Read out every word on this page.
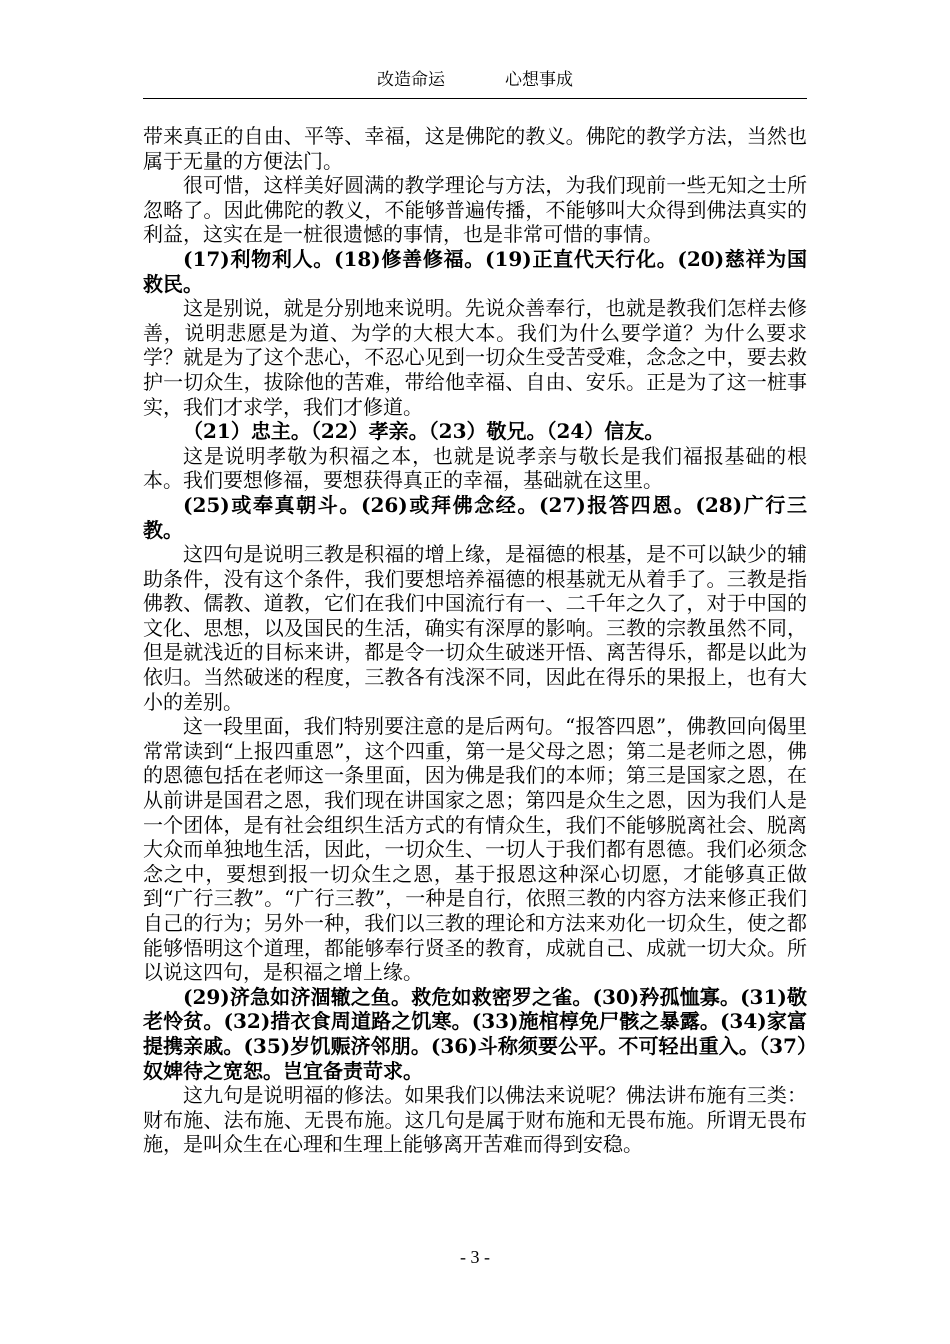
改造命运	心想事成

带来真正的自由、平等、幸福，这是佛陀的教义。佛陀的教学方法，当然也属于无量的方便法门。

很可惜，这样美好圆满的教学理论与方法，为我们现前一些无知之士所忽略了。因此佛陀的教义，不能够普遍传播，不能够叫大众得到佛法真实的利益，这实在是一桩很遗憾的事情，也是非常可惜的事情。

(17)利物利人。(18)修善修福。(19)正直代天行化。(20)慈祥为国救民。

这是别说，就是分别地来说明。先说众善奉行，也就是教我们怎样去修善，说明悲愿是为道、为学的大根大本。我们为什么要学道？为什么要求学？就是为了这个悲心，不忍心见到一切众生受苦受难，念念之中，要去救护一切众生，拔除他的苦难，带给他幸福、自由、安乐。正是为了这一桩事实，我们才求学，我们才修道。

（21）忠主。（22）孝亲。（23）敬兄。（24）信友。

这是说明孝敬为积福之本，也就是说孝亲与敬长是我们福报基础的根本。我们要想修福，要想获得真正的幸福，基础就在这里。

(25)或奉真朝斗。(26)或拜佛念经。(27)报答四恩。(28)广行三教。

这四句是说明三教是积福的增上缘，是福德的根基，是不可以缺少的辅助条件，没有这个条件，我们要想培养福德的根基就无从着手了。三教是指佛教、儒教、道教，它们在我们中国流行有一、二千年之久了，对于中国的文化、思想，以及国民的生活，确实有深厚的影响。三教的宗教虽然不同，但是就浅近的目标来讲，都是令一切众生破迷开悟、离苦得乐，都是以此为依归。当然破迷的程度，三教各有浅深不同，因此在得乐的果报上，也有大小的差别。

这一段里面，我们特别要注意的是后两句。“报答四恩”，佛教回向偈里常常读到“上报四重恩”，这个四重，第一是父母之恩；第二是老师之恩，佛的恩德包括在老师这一条里面，因为佛是我们的本师；第三是国家之恩，在从前讲是国君之恩，我们现在讲国家之恩；第四是众生之恩，因为我们人是一个团体，是有社会组织生活方式的有情众生，我们不能够脱离社会、脱离大众而单独地生活，因此，一切众生、一切人于我们都有恩德。我们必须念念之中，要想到报一切众生之恩，基于报恩这种深心切愿，才能够真正做到“广行三教”。“广行三教”，一种是自行，依照三教的内容方法来修正我们自己的行为；另外一种，我们以三教的理论和方法来劝化一切众生，使之都能够悟明这个道理，都能够奉行贤圣的教育，成就自己、成就一切大众。所以说这四句，是积福之增上缘。

(29)济急如济涸辙之鱼。救危如救密罗之雀。(30)矜孤恤寡。(31)敬老怜贫。(32)措衣食周道路之饥寒。(33)施棺椁免尸骸之暴露。(34)家富提携亲戚。(35)岁饥赈济邻朋。(36)斗称须要公平。不可轻出重入。（37）奴婢待之宽恕。岂宜备责苛求。

这九句是说明福的修法。如果我们以佛法来说呢？佛法讲布施有三类：财布施、法布施、无畏布施。这几句是属于财布施和无畏布施。所谓无畏布施，是叫众生在心理和生理上能够离开苦难而得到安稳。

- 3 -
